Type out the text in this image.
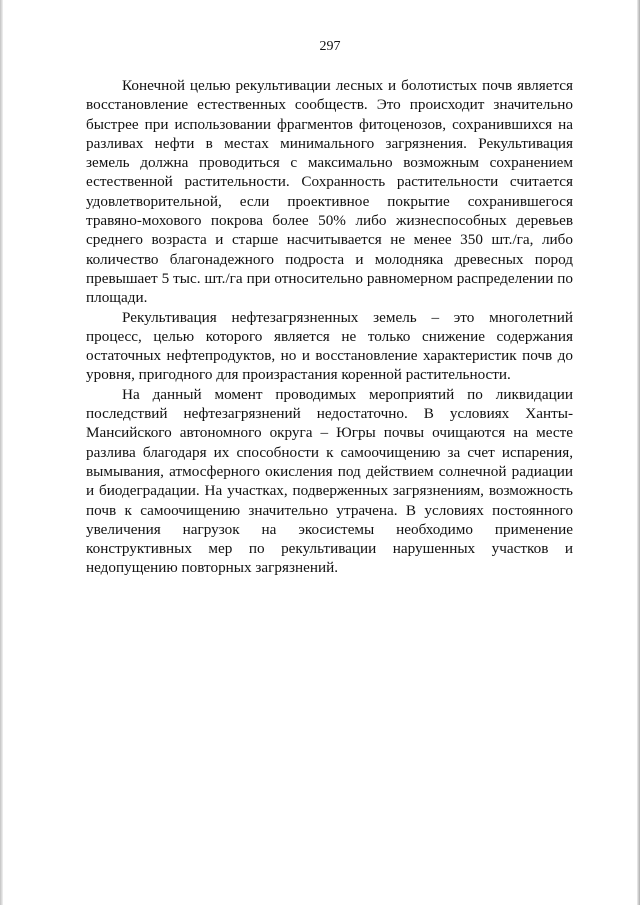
297

Конечной целью рекультивации лесных и болотистых почв является восстановление естественных сообществ. Это происходит значительно быстрее при использовании фрагментов фитоценозов, сохранившихся на разливах нефти в местах минимального загрязнения. Рекультивация земель должна проводиться с максимально возможным сохранением естественной растительности. Сохранность растительности считается удовлетворительной, если проективное покрытие сохранившегося травяно-мохового покрова более 50% либо жизнеспособных деревьев среднего возраста и старше насчитывается не менее 350 шт./га, либо количество благонадежного подроста и молодняка древесных пород превышает 5 тыс. шт./га при относительно равномерном распределении по площади.

Рекультивация нефтезагрязненных земель – это многолетний процесс, целью которого является не только снижение содержания остаточных нефтепродуктов, но и восстановление характеристик почв до уровня, пригодного для произрастания коренной растительности.

На данный момент проводимых мероприятий по ликвидации последствий нефтезагрязнений недостаточно. В условиях Ханты-Мансийского автономного округа – Югры почвы очищаются на месте разлива благодаря их способности к самоочищению за счет испарения, вымывания, атмосферного окисления под действием солнечной радиации и биодеградации. На участках, подверженных загрязнениям, возможность почв к самоочищению значительно утрачена. В условиях постоянного увеличения нагрузок на экосистемы необходимо применение конструктивных мер по рекультивации нарушенных участков и недопущению повторных загрязнений.
